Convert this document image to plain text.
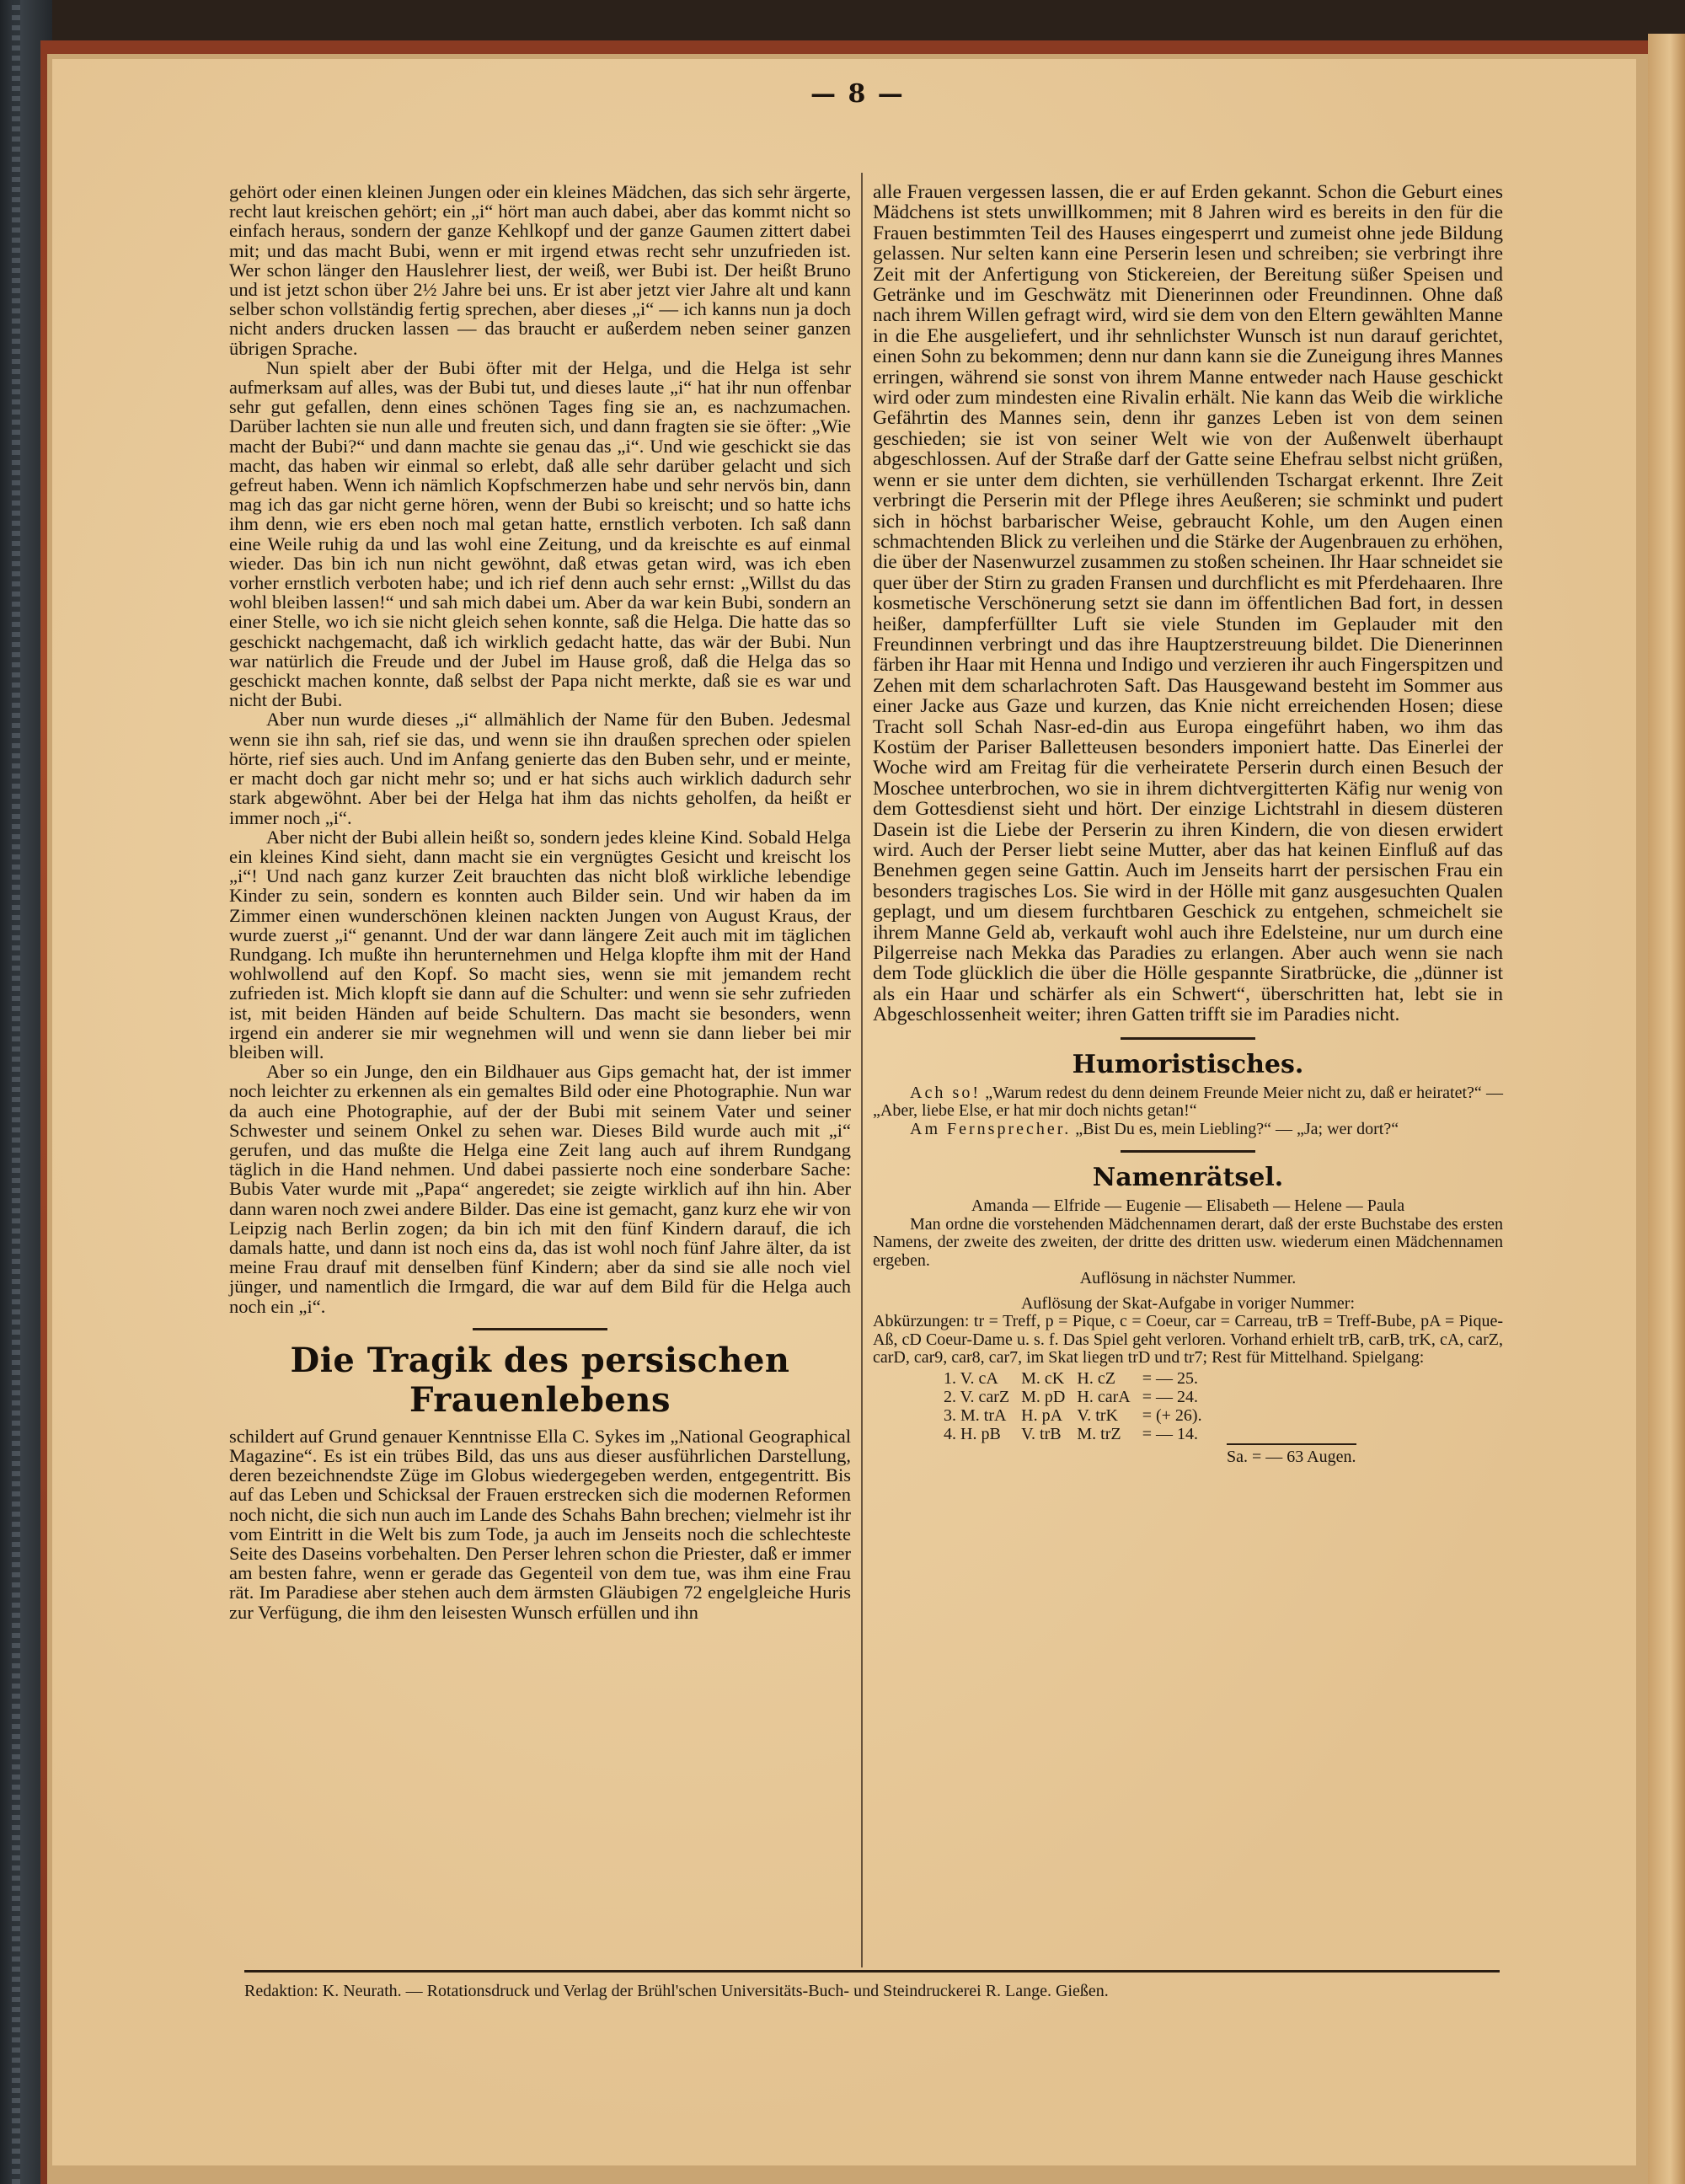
— 8 —

gehört oder einen kleinen Jungen oder ein kleines Mädchen, das sich sehr ärgerte, recht laut kreischen gehört; ein „i“ hört man auch dabei, aber das kommt nicht so einfach heraus, sondern der ganze Kehlkopf und der ganze Gaumen zittert dabei mit; und das macht Bubi, wenn er mit irgend etwas recht sehr unzufrieden ist. Wer schon länger den Hauslehrer liest, der weiß, wer Bubi ist. Der heißt Bruno und ist jetzt schon über 2½ Jahre bei uns. Er ist aber jetzt vier Jahre alt und kann selber schon vollständig fertig sprechen, aber dieses „i“ — ich kanns nun ja doch nicht anders drucken lassen — das braucht er außerdem neben seiner ganzen übrigen Sprache.

Nun spielt aber der Bubi öfter mit der Helga, und die Helga ist sehr aufmerksam auf alles, was der Bubi tut, und dieses laute „i“ hat ihr nun offenbar sehr gut gefallen, denn eines schönen Tages fing sie an, es nachzumachen. Darüber lachten sie nun alle und freuten sich, und dann fragten sie sie öfter: „Wie macht der Bubi?“ und dann machte sie genau das „i“. Und wie geschickt sie das macht, das haben wir einmal so erlebt, daß alle sehr darüber gelacht und sich gefreut haben. Wenn ich nämlich Kopfschmerzen habe und sehr nervös bin, dann mag ich das gar nicht gerne hören, wenn der Bubi so kreischt; und so hatte ichs ihm denn, wie ers eben noch mal getan hatte, ernstlich verboten. Ich saß dann eine Weile ruhig da und las wohl eine Zeitung, und da kreischte es auf einmal wieder. Das bin ich nun nicht gewöhnt, daß etwas getan wird, was ich eben vorher ernstlich verboten habe; und ich rief denn auch sehr ernst: „Willst du das wohl bleiben lassen!“ und sah mich dabei um. Aber da war kein Bubi, sondern an einer Stelle, wo ich sie nicht gleich sehen konnte, saß die Helga. Die hatte das so geschickt nachgemacht, daß ich wirklich gedacht hatte, das wär der Bubi. Nun war natürlich die Freude und der Jubel im Hause groß, daß die Helga das so geschickt machen konnte, daß selbst der Papa nicht merkte, daß sie es war und nicht der Bubi.

Aber nun wurde dieses „i“ allmählich der Name für den Buben. Jedesmal wenn sie ihn sah, rief sie das, und wenn sie ihn draußen sprechen oder spielen hörte, rief sies auch. Und im Anfang genierte das den Buben sehr, und er meinte, er macht doch gar nicht mehr so; und er hat sichs auch wirklich dadurch sehr stark abgewöhnt. Aber bei der Helga hat ihm das nichts geholfen, da heißt er immer noch „i“.

Aber nicht der Bubi allein heißt so, sondern jedes kleine Kind. Sobald Helga ein kleines Kind sieht, dann macht sie ein vergnügtes Gesicht und kreischt los „i“! Und nach ganz kurzer Zeit brauchten das nicht bloß wirkliche lebendige Kinder zu sein, sondern es konnten auch Bilder sein. Und wir haben da im Zimmer einen wunderschönen kleinen nackten Jungen von August Kraus, der wurde zuerst „i“ genannt. Und der war dann längere Zeit auch mit im täglichen Rundgang. Ich mußte ihn herunternehmen und Helga klopfte ihm mit der Hand wohlwollend auf den Kopf. So macht sies, wenn sie mit jemandem recht zufrieden ist. Mich klopft sie dann auf die Schulter: und wenn sie sehr zufrieden ist, mit beiden Händen auf beide Schultern. Das macht sie besonders, wenn irgend ein anderer sie mir wegnehmen will und wenn sie dann lieber bei mir bleiben will.

Aber so ein Junge, den ein Bildhauer aus Gips gemacht hat, der ist immer noch leichter zu erkennen als ein gemaltes Bild oder eine Photographie. Nun war da auch eine Photographie, auf der der Bubi mit seinem Vater und seiner Schwester und seinem Onkel zu sehen war. Dieses Bild wurde auch mit „i“ gerufen, und das mußte die Helga eine Zeit lang auch auf ihrem Rundgang täglich in die Hand nehmen. Und dabei passierte noch eine sonderbare Sache: Bubis Vater wurde mit „Papa“ angeredet; sie zeigte wirklich auf ihn hin. Aber dann waren noch zwei andere Bilder. Das eine ist gemacht, ganz kurz ehe wir von Leipzig nach Berlin zogen; da bin ich mit den fünf Kindern darauf, die ich damals hatte, und dann ist noch eins da, das ist wohl noch fünf Jahre älter, da ist meine Frau drauf mit denselben fünf Kindern; aber da sind sie alle noch viel jünger, und namentlich die Irmgard, die war auf dem Bild für die Helga auch noch ein „i“.

Die Tragik des persischen Frauenlebens

schildert auf Grund genauer Kenntnisse Ella C. Sykes im „National Geographical Magazine“. Es ist ein trübes Bild, das uns aus dieser ausführlichen Darstellung, deren bezeichnendste Züge im Globus wiedergegeben werden, entgegentritt. Bis auf das Leben und Schicksal der Frauen erstrecken sich die modernen Reformen noch nicht, die sich nun auch im Lande des Schahs Bahn brechen; vielmehr ist ihr vom Eintritt in die Welt bis zum Tode, ja auch im Jenseits noch die schlechteste Seite des Daseins vorbehalten. Den Perser lehren schon die Priester, daß er immer am besten fahre, wenn er gerade das Gegenteil von dem tue, was ihm eine Frau rät. Im Paradiese aber stehen auch dem ärmsten Gläubigen 72 engelgleiche Huris zur Verfügung, die ihm den leisesten Wunsch erfüllen und ihn

alle Frauen vergessen lassen, die er auf Erden gekannt. Schon die Geburt eines Mädchens ist stets unwillkommen; mit 8 Jahren wird es bereits in den für die Frauen bestimmten Teil des Hauses eingesperrt und zumeist ohne jede Bildung gelassen. Nur selten kann eine Perserin lesen und schreiben; sie verbringt ihre Zeit mit der Anfertigung von Stickereien, der Bereitung süßer Speisen und Getränke und im Geschwätz mit Dienerinnen oder Freundinnen. Ohne daß nach ihrem Willen gefragt wird, wird sie dem von den Eltern gewählten Manne in die Ehe ausgeliefert, und ihr sehnlichster Wunsch ist nun darauf gerichtet, einen Sohn zu bekommen; denn nur dann kann sie die Zuneigung ihres Mannes erringen, während sie sonst von ihrem Manne entweder nach Hause geschickt wird oder zum mindesten eine Rivalin erhält. Nie kann das Weib die wirkliche Gefährtin des Mannes sein, denn ihr ganzes Leben ist von dem seinen geschieden; sie ist von seiner Welt wie von der Außenwelt überhaupt abgeschlossen. Auf der Straße darf der Gatte seine Ehefrau selbst nicht grüßen, wenn er sie unter dem dichten, sie verhüllenden Tschargat erkennt. Ihre Zeit verbringt die Perserin mit der Pflege ihres Aeußeren; sie schminkt und pudert sich in höchst barbarischer Weise, gebraucht Kohle, um den Augen einen schmachtenden Blick zu verleihen und die Stärke der Augenbrauen zu erhöhen, die über der Nasenwurzel zusammen zu stoßen scheinen. Ihr Haar schneidet sie quer über der Stirn zu graden Fransen und durchflicht es mit Pferdehaaren. Ihre kosmetische Verschönerung setzt sie dann im öffentlichen Bad fort, in dessen heißer, dampferfüllter Luft sie viele Stunden im Geplauder mit den Freundinnen verbringt und das ihre Hauptzerstreuung bildet. Die Dienerinnen färben ihr Haar mit Henna und Indigo und verzieren ihr auch Fingerspitzen und Zehen mit dem scharlachroten Saft. Das Hausgewand besteht im Sommer aus einer Jacke aus Gaze und kurzen, das Knie nicht erreichenden Hosen; diese Tracht soll Schah Nasr-ed-din aus Europa eingeführt haben, wo ihm das Kostüm der Pariser Balletteusen besonders imponiert hatte. Das Einerlei der Woche wird am Freitag für die verheiratete Perserin durch einen Besuch der Moschee unterbrochen, wo sie in ihrem dichtvergitterten Käfig nur wenig von dem Gottesdienst sieht und hört. Der einzige Lichtstrahl in diesem düsteren Dasein ist die Liebe der Perserin zu ihren Kindern, die von diesen erwidert wird. Auch der Perser liebt seine Mutter, aber das hat keinen Einfluß auf das Benehmen gegen seine Gattin. Auch im Jenseits harrt der persischen Frau ein besonders tragisches Los. Sie wird in der Hölle mit ganz ausgesuchten Qualen geplagt, und um diesem furchtbaren Geschick zu entgehen, schmeichelt sie ihrem Manne Geld ab, verkauft wohl auch ihre Edelsteine, nur um durch eine Pilgerreise nach Mekka das Paradies zu erlangen. Aber auch wenn sie nach dem Tode glücklich die über die Hölle gespannte Siratbrücke, die „dünner ist als ein Haar und schärfer als ein Schwert“, überschritten hat, lebt sie in Abgeschlossenheit weiter; ihren Gatten trifft sie im Paradies nicht.

Humoristisches.

Ach so! „Warum redest du denn deinem Freunde Meier nicht zu, daß er heiratet?“ — „Aber, liebe Else, er hat mir doch nichts getan!“

Am Fernsprecher. „Bist Du es, mein Liebling?“ — „Ja; wer dort?“

Namenrätsel.

Amanda — Elfride — Eugenie — Elisabeth — Helene — Paula

Man ordne die vorstehenden Mädchennamen derart, daß der erste Buchstabe des ersten Namens, der zweite des zweiten, der dritte des dritten usw. wiederum einen Mädchennamen ergeben.

Auflösung in nächster Nummer.

Auflösung der Skat-Aufgabe in voriger Nummer:

Abkürzungen: tr = Treff, p = Pique, c = Coeur, car = Carreau, trB = Treff-Bube, pA = Pique-Aß, cD Coeur-Dame u. s. f. Das Spiel geht verloren. Vorhand erhielt trB, carB, trK, cA, carZ, carD, car9, car8, car7, im Skat liegen trD und tr7; Rest für Mittelhand. Spielgang:

1. V. cA	M. cK	H. cZ	= — 25.
2. V. carZ	M. pD	H. carA	= — 24.
3. M. trA	H. pA	V. trK	= (+ 26).
4. H. pB	V. trB	M. trZ	= — 14.
Sa. = — 63 Augen.
Redaktion: K. Neurath. — Rotationsdruck und Verlag der Brühl'schen Universitäts-Buch- und Steindruckerei R. Lange. Gießen.
